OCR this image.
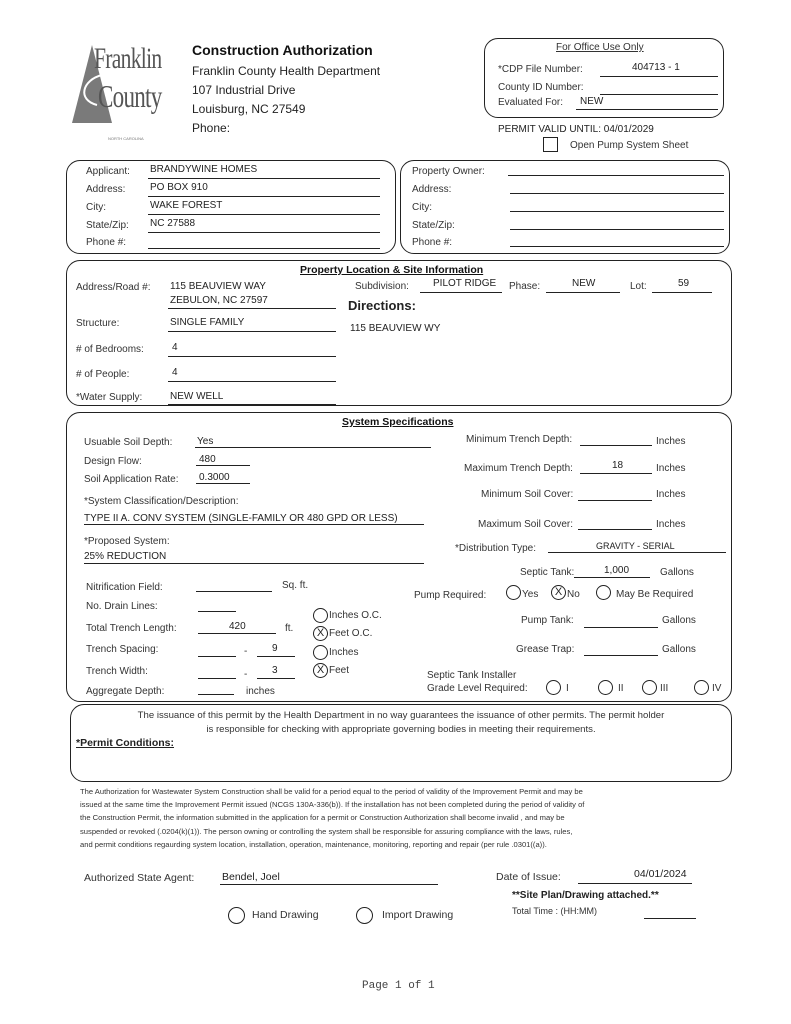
Franklin
County
NORTH CAROLINA
Construction Authorization
Franklin County Health Department
107 Industrial Drive
Louisburg, NC 27549
Phone:
For Office Use Only
*CDP File Number:	404713 - 1
County ID Number:
Evaluated For: NEW
PERMIT VALID UNTIL: 04/01/2029
Open Pump System Sheet
Applicant: BRANDYWINE HOMES
Address: PO BOX 910
City:	WAKE FOREST
State/Zip: NC 27588
Phone #:
Property Owner:
Address:
City:
State/Zip:
Phone #:
Property Location & Site Information
Address/Road #: 115 BEAUVIEW WAY
ZEBULON, NC 27597
Subdivision: PILOT RIDGE Phase:	NEW	Lot:	59
Directions:
115 BEAUVIEW WY
Structure:	SINGLE FAMILY
# of Bedrooms:	4
# of People:	4
*Water Supply:	NEW WELL
System Specifications
Usuable Soil Depth: Yes
Design Flow:	480
Soil Application Rate: 0.3000
*System Classification/Description:
TYPE II A. CONV SYSTEM (SINGLE-FAMILY OR 480 GPD OR LESS)
*Proposed System:
25% REDUCTION
Minimum Trench Depth:	Inches
Maximum Trench Depth:	18	Inches
Minimum Soil Cover:	Inches
Maximum Soil Cover:	Inches
*Distribution Type:	GRAVITY - SERIAL
Septic Tank:	1,000	Gallons
Pump Required:	Yes	X No	May Be Required
Pump Tank:	Gallons
Grease Trap:	Gallons
Septic Tank Installer
Grade Level Required:	I	II	III	IV
Nitrification Field:	Sq. ft.
No. Drain Lines:
Inches O.C.
X Feet O.C.
Total Trench Length:	420	ft.
Trench Spacing:	- 9	Inches
X Feet
Trench Width:	- 3
Aggregate Depth:	inches
The issuance of this permit by the Health Department in no way guarantees the issuance of other permits. The permit holder
is responsible for checking with appropriate governing bodies in meeting their requirements.
*Permit Conditions:
The Authorization for Wastewater System Construction shall be valid for a period equal to the period of validity of the Improvement Permit and may be
issued at the same time the Improvement Permit issued (NCGS 130A-336(b)). If the installation has not been completed during the period of validity of
the Construction Permit, the information submitted in the application for a permit or Construction Authorization shall become invalid , and may be
suspended or revoked (.0204(k)(1)). The person owning or controlling the system shall be responsible for assuring compliance with the laws, rules,
and permit conditions regaurding system location, installation, operation, maintenance, monitoring, reporting and repair (per rule .0301((a)).
Authorized State Agent:	Bendel, Joel	Date of Issue:	04/01/2024
**Site Plan/Drawing attached.**
Total Time : (HH:MM)
Hand Drawing	Import Drawing
Page 1 of 1
